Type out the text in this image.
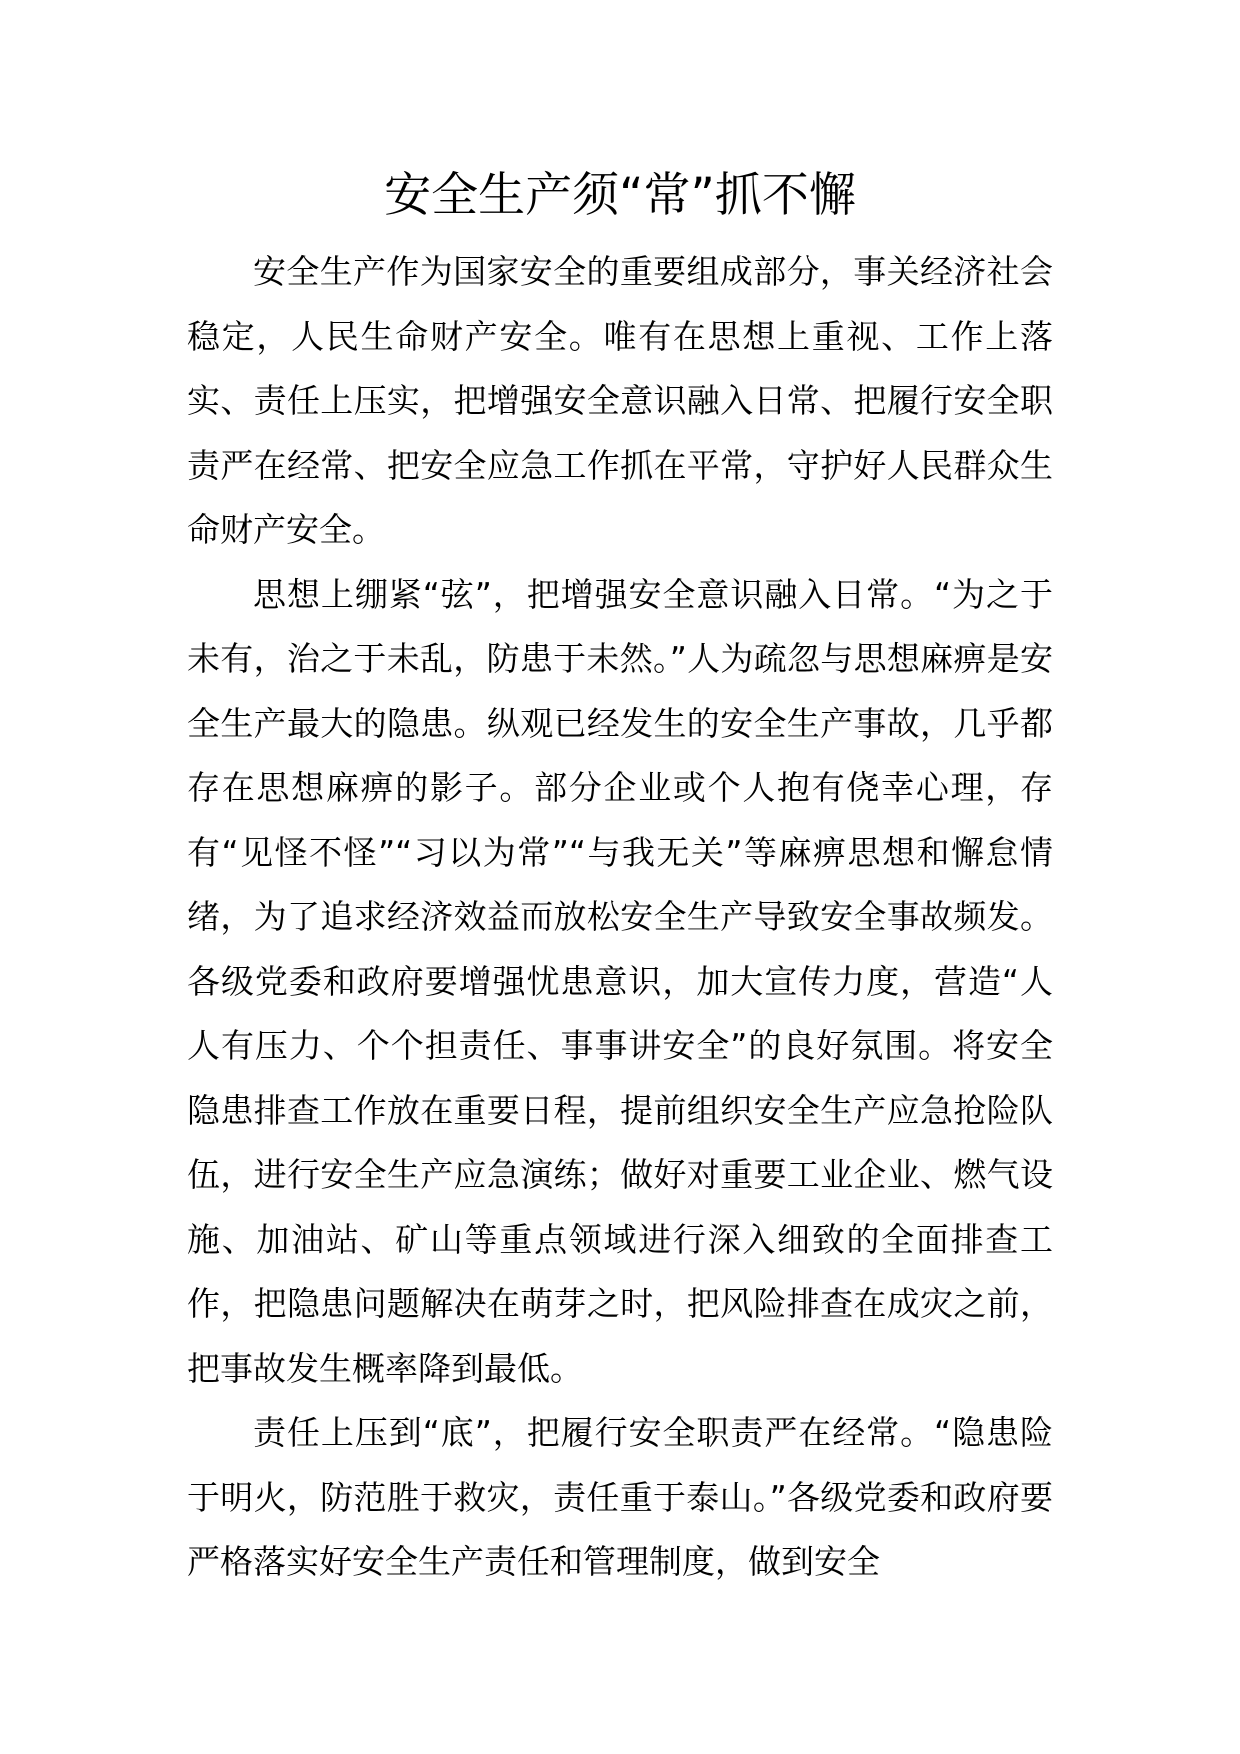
安全生产须“常”抓不懈

安全生产作为国家安全的重要组成部分，事关经济社会稳定，人民生命财产安全。唯有在思想上重视、工作上落实、责任上压实，把增强安全意识融入日常、把履行安全职责严在经常、把安全应急工作抓在平常，守护好人民群众生命财产安全。

思想上绷紧“弦”，把增强安全意识融入日常。“为之于未有，治之于未乱，防患于未然。”人为疏忽与思想麻痹是安全生产最大的隐患。纵观已经发生的安全生产事故，几乎都存在思想麻痹的影子。部分企业或个人抱有侥幸心理，存有“见怪不怪”“习以为常”“与我无关”等麻痹思想和懈怠情绪，为了追求经济效益而放松安全生产导致安全事故频发。各级党委和政府要增强忧患意识，加大宣传力度，营造“人人有压力、个个担责任、事事讲安全”的良好氛围。将安全隐患排查工作放在重要日程，提前组织安全生产应急抢险队伍，进行安全生产应急演练；做好对重要工业企业、燃气设施、加油站、矿山等重点领域进行深入细致的全面排查工作，把隐患问题解决在萌芽之时，把风险排查在成灾之前，把事故发生概率降到最低。

责任上压到“底”，把履行安全职责严在经常。“隐患险于明火，防范胜于救灾，责任重于泰山。”各级党委和政府要严格落实好安全生产责任和管理制度，做到安全
